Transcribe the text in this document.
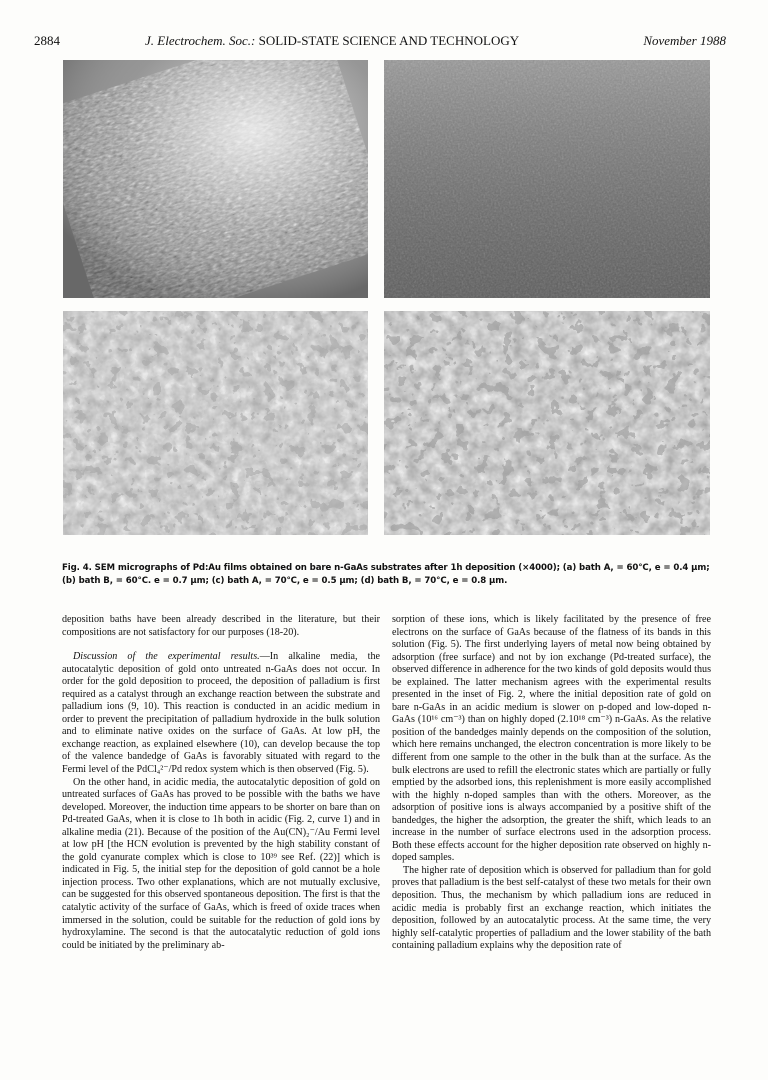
2884	J. Electrochem. Soc.: SOLID-STATE SCIENCE AND TECHNOLOGY	November 1988
Fig. 4. SEM micrographs of Pd:Au films obtained on bare n-GaAs substrates after 1h deposition (×4000); (a) bath A, = 60°C, e = 0.4 µm; (b) bath B, = 60°C. e = 0.7 µm; (c) bath A, = 70°C, e = 0.5 µm; (d) bath B, = 70°C, e = 0.8 µm.

deposition baths have been already described in the literature, but their compositions are not satisfactory for our purposes (18-20).

Discussion of the experimental results.—In alkaline media, the autocatalytic deposition of gold onto untreated n-GaAs does not occur. In order for the gold deposition to proceed, the deposition of palladium is first required as a catalyst through an exchange reaction between the substrate and palladium ions (9, 10). This reaction is conducted in an acidic medium in order to prevent the precipitation of palladium hydroxide in the bulk solution and to eliminate native oxides on the surface of GaAs. At low pH, the exchange reaction, as explained elsewhere (10), can develop because the top of the valence bandedge of GaAs is favorably situated with regard to the Fermi level of the PdCl₄²⁻/Pd redox system which is then observed (Fig. 5).

On the other hand, in acidic media, the autocatalytic deposition of gold on untreated surfaces of GaAs has proved to be possible with the baths we have developed. Moreover, the induction time appears to be shorter on bare than on Pd-treated GaAs, when it is close to 1h both in acidic (Fig. 2, curve 1) and in alkaline media (21). Because of the position of the Au(CN)₂⁻/Au Fermi level at low pH [the HCN evolution is prevented by the high stability constant of the gold cyanurate complex which is close to 10³⁹ see Ref. (22)] which is indicated in Fig. 5, the initial step for the deposition of gold cannot be a hole injection process. Two other explanations, which are not mutually exclusive, can be suggested for this observed spontaneous deposition. The first is that the catalytic activity of the surface of GaAs, which is freed of oxide traces when immersed in the solution, could be suitable for the reduction of gold ions by hydroxylamine. The second is that the autocatalytic reduction of gold ions could be initiated by the preliminary ab-

sorption of these ions, which is likely facilitated by the presence of free electrons on the surface of GaAs because of the flatness of its bands in this solution (Fig. 5). The first underlying layers of metal now being obtained by adsorption (free surface) and not by ion exchange (Pd-treated surface), the observed difference in adherence for the two kinds of gold deposits would thus be explained. The latter mechanism agrees with the experimental results presented in the inset of Fig. 2, where the initial deposition rate of gold on bare n-GaAs in an acidic medium is slower on p-doped and low-doped n-GaAs (10¹⁶ cm⁻³) than on highly doped (2.10¹⁸ cm⁻³) n-GaAs. As the relative position of the bandedges mainly depends on the composition of the solution, which here remains unchanged, the electron concentration is more likely to be different from one sample to the other in the bulk than at the surface. As the bulk electrons are used to refill the electronic states which are partially or fully emptied by the adsorbed ions, this replenishment is more easily accomplished with the highly n-doped samples than with the others. Moreover, as the adsorption of positive ions is always accompanied by a positive shift of the bandedges, the higher the adsorption, the greater the shift, which leads to an increase in the number of surface electrons used in the adsorption process. Both these effects account for the higher deposition rate observed on highly n-doped samples.

The higher rate of deposition which is observed for palladium than for gold proves that palladium is the best self-catalyst of these two metals for their own deposition. Thus, the mechanism by which palladium ions are reduced in acidic media is probably first an exchange reaction, which initiates the deposition, followed by an autocatalytic process. At the same time, the very highly self-catalytic properties of palladium and the lower stability of the bath containing palladium explains why the deposition rate of
